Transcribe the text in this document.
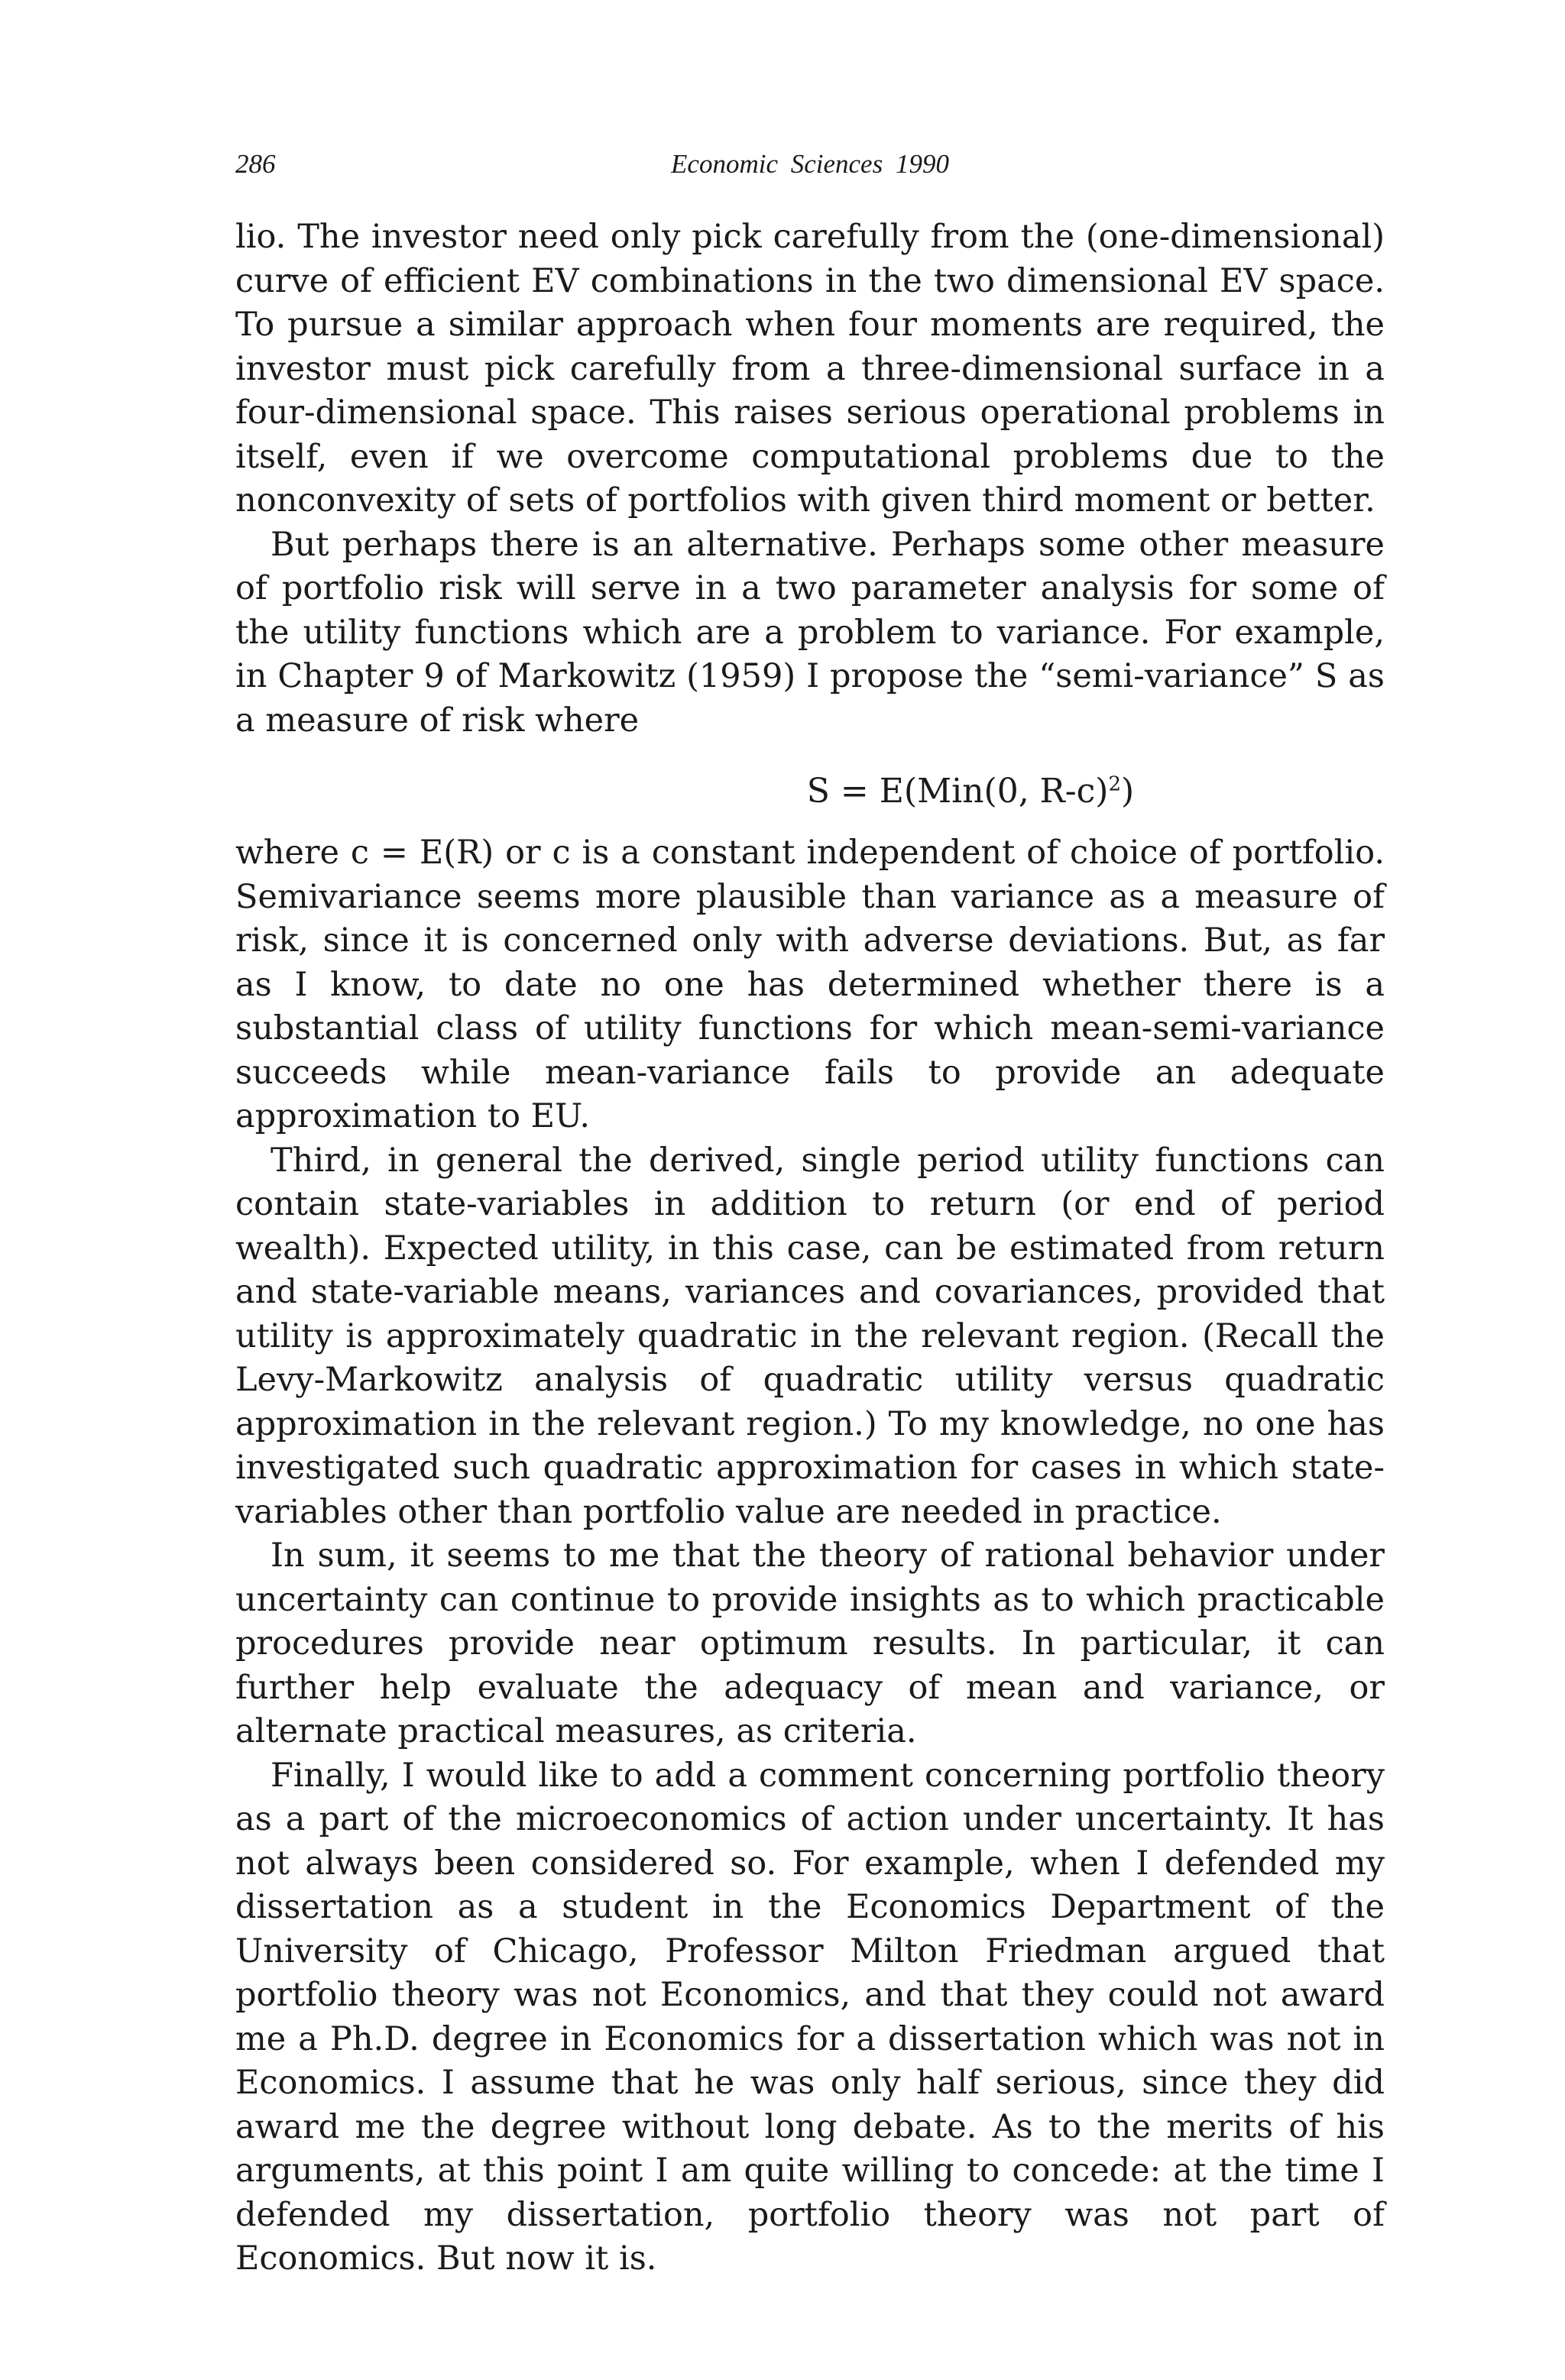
286	Economic Sciences 1990

lio. The investor need only pick carefully from the (one-dimensional) curve of efficient EV combinations in the two dimensional EV space. To pursue a similar approach when four moments are required, the investor must pick carefully from a three-dimensional surface in a four-dimensional space. This raises serious operational problems in itself, even if we overcome computational problems due to the nonconvexity of sets of portfolios with given third moment or better.

But perhaps there is an alternative. Perhaps some other measure of portfolio risk will serve in a two parameter analysis for some of the utility functions which are a problem to variance. For example, in Chapter 9 of Markowitz (1959) I propose the “semi-variance” S as a measure of risk where

S = E(Min(0, R-c)$^2$)

where c = E(R) or c is a constant independent of choice of portfolio. Semivariance seems more plausible than variance as a measure of risk, since it is concerned only with adverse deviations. But, as far as I know, to date no one has determined whether there is a substantial class of utility functions for which mean-semi-variance succeeds while mean-variance fails to provide an adequate approximation to EU.

Third, in general the derived, single period utility functions can contain state-variables in addition to return (or end of period wealth). Expected utility, in this case, can be estimated from return and state-variable means, variances and covariances, provided that utility is approximately quadratic in the relevant region. (Recall the Levy-Markowitz analysis of quadratic utility versus quadratic approximation in the relevant region.) To my knowledge, no one has investigated such quadratic approximation for cases in which state-variables other than portfolio value are needed in practice.

In sum, it seems to me that the theory of rational behavior under uncertainty can continue to provide insights as to which practicable procedures provide near optimum results. In particular, it can further help evaluate the adequacy of mean and variance, or alternate practical measures, as criteria.

Finally, I would like to add a comment concerning portfolio theory as a part of the microeconomics of action under uncertainty. It has not always been considered so. For example, when I defended my dissertation as a student in the Economics Department of the University of Chicago, Professor Milton Friedman argued that portfolio theory was not Economics, and that they could not award me a Ph.D. degree in Economics for a dissertation which was not in Economics. I assume that he was only half serious, since they did award me the degree without long debate. As to the merits of his arguments, at this point I am quite willing to concede: at the time I defended my dissertation, portfolio theory was not part of Economics. But now it is.
